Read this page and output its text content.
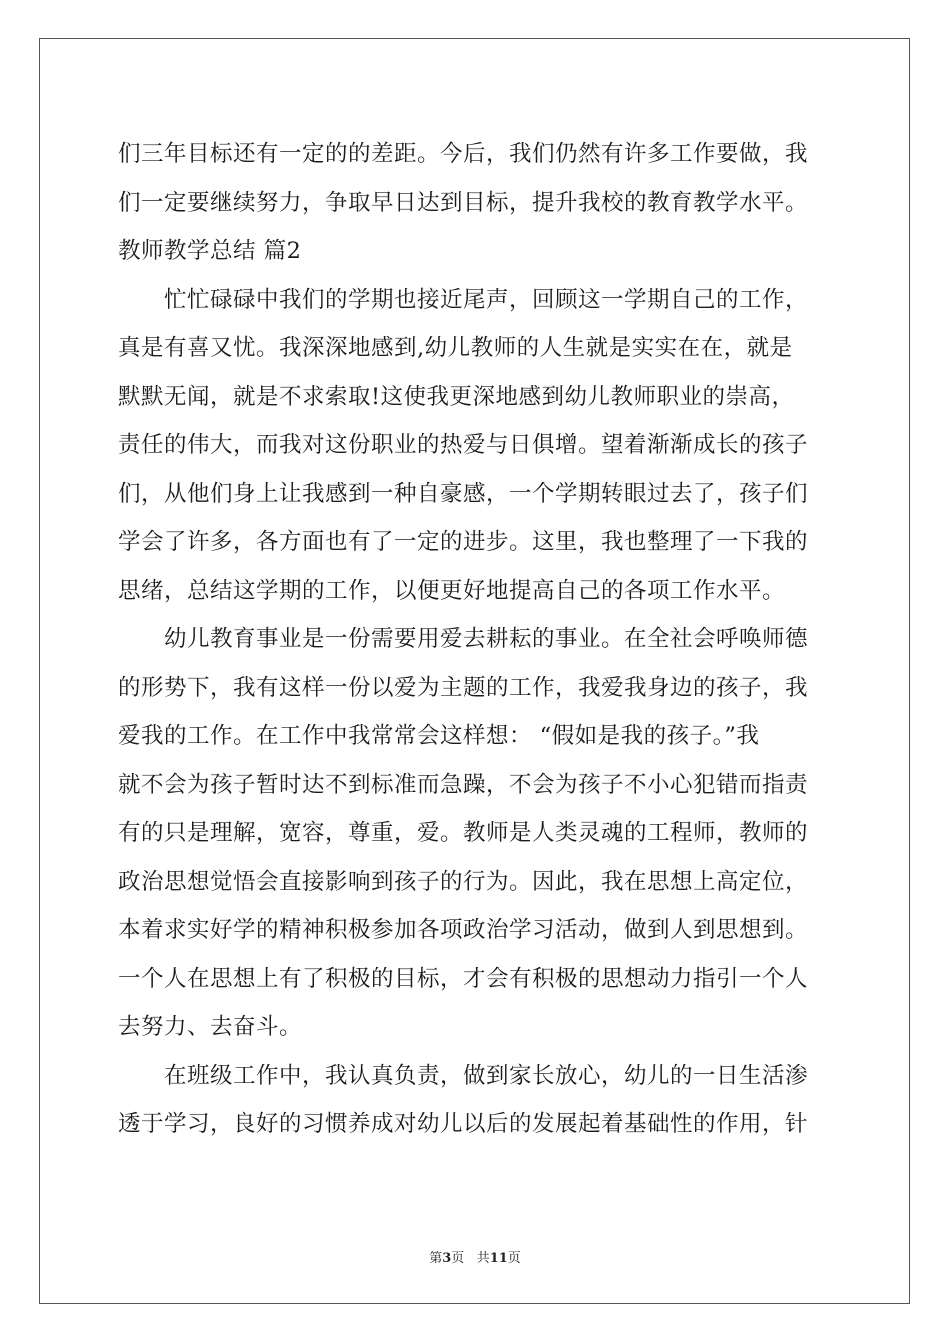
们三年目标还有一定的的差距。今后，我们仍然有许多工作要做，我
们一定要继续努力，争取早日达到目标，提升我校的教育教学水平。
教师教学总结 篇2
　　忙忙碌碌中我们的学期也接近尾声，回顾这一学期自己的工作，
真是有喜又忧。我深深地感到,幼儿教师的人生就是实实在在，就是
默默无闻，就是不求索取!这使我更深地感到幼儿教师职业的崇高，
责任的伟大，而我对这份职业的热爱与日俱增。望着渐渐成长的孩子
们，从他们身上让我感到一种自豪感，一个学期转眼过去了，孩子们
学会了许多，各方面也有了一定的进步。这里，我也整理了一下我的
思绪，总结这学期的工作，以便更好地提高自己的各项工作水平。
　　幼儿教育事业是一份需要用爱去耕耘的事业。在全社会呼唤师德
的形势下，我有这样一份以爱为主题的工作，我爱我身边的孩子，我
爱我的工作。在工作中我常常会这样想： “假如是我的孩子。”我
就不会为孩子暂时达不到标准而急躁，不会为孩子不小心犯错而指责
有的只是理解，宽容，尊重，爱。教师是人类灵魂的工程师，教师的
政治思想觉悟会直接影响到孩子的行为。因此，我在思想上高定位，
本着求实好学的精神积极参加各项政治学习活动，做到人到思想到。
一个人在思想上有了积极的目标，才会有积极的思想动力指引一个人
去努力、去奋斗。
　　在班级工作中，我认真负责，做到家长放心，幼儿的一日生活渗
透于学习，良好的习惯养成对幼儿以后的发展起着基础性的作用，针
第3页 共11页
